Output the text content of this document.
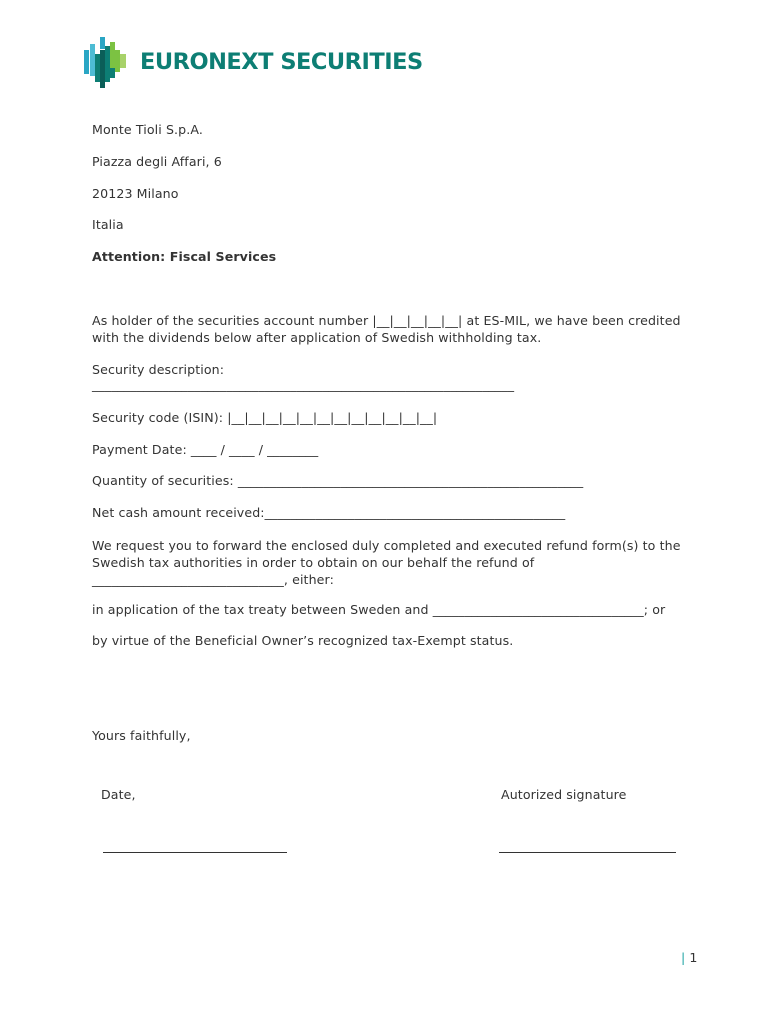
EURONEXT SECURITIES
Monte Tioli S.p.A.
Piazza degli Affari, 6
20123 Milano
Italia
Attention: Fiscal Services
As holder of the securities account number |__|__|__|__|__| at ES-MIL, we have been credited with the dividends below after application of Swedish withholding tax.
Security description:
__________________________________________________________________
Security code (ISIN): |__|__|__|__|__|__|__|__|__|__|__|__|
Payment Date: ____ / ____ / ________
Quantity of securities: ______________________________________________________
Net cash amount received:_______________________________________________
We request you to forward the enclosed duly completed and executed refund form(s) to the Swedish tax authorities in order to obtain on our behalf the refund of ______________________________, either:
in application of the tax treaty between Sweden and _________________________________; or
by virtue of the Beneficial Owner’s recognized tax-Exempt status.
Yours faithfully,
Date,	Autorized signature
| 1
